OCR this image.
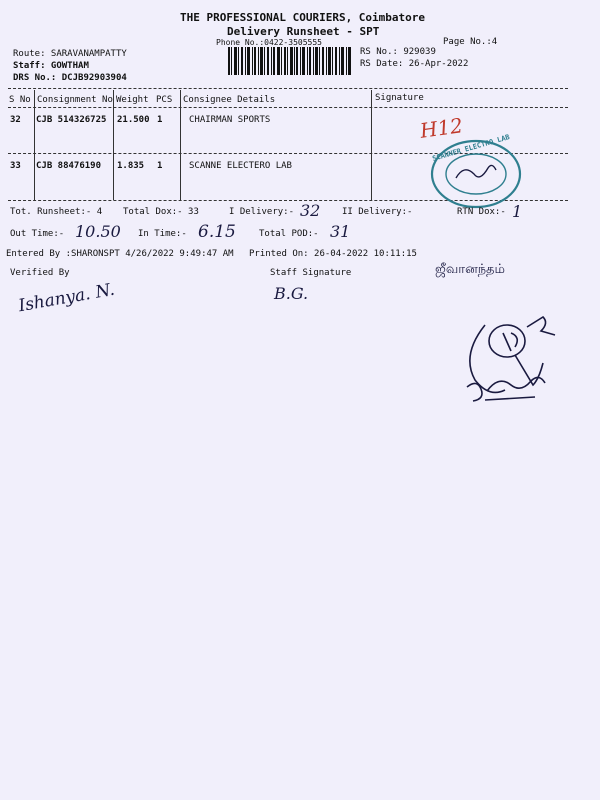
THE PROFESSIONAL COURIERS, Coimbatore
Delivery Runsheet - SPT
Phone No.:0422-3505555	Page No.:4
Route: SARAVANAMPATTY
Staff: GOWTHAM
DRS No.: DCJB92903904
RS No.: 929039
RS Date: 26-Apr-2022
S No Consignment No Weight PCS Consignee Details	Signature
32 CJB 514326725 21.500 1	CHAIRMAN SPORTS
33 CJB 88476190 1.835 1	SCANNE ELECTERO LAB
H12
SCANNER ELECTRO LAB
Tot. Runsheet:- 4 Total Dox:- 33	I Delivery:- 32 II Delivery:-	RTN Dox:- 1
Out Time:- 10.50 In Time:- 6.15	Total POD:- 31
Entered By :SHARONSPT 4/26/2022 9:49:47 AM Printed On: 26-04-2022 10:11:15
Verified By	Staff Signature
Ishanya. N.	B.G.
ஜீவானந்தம்
